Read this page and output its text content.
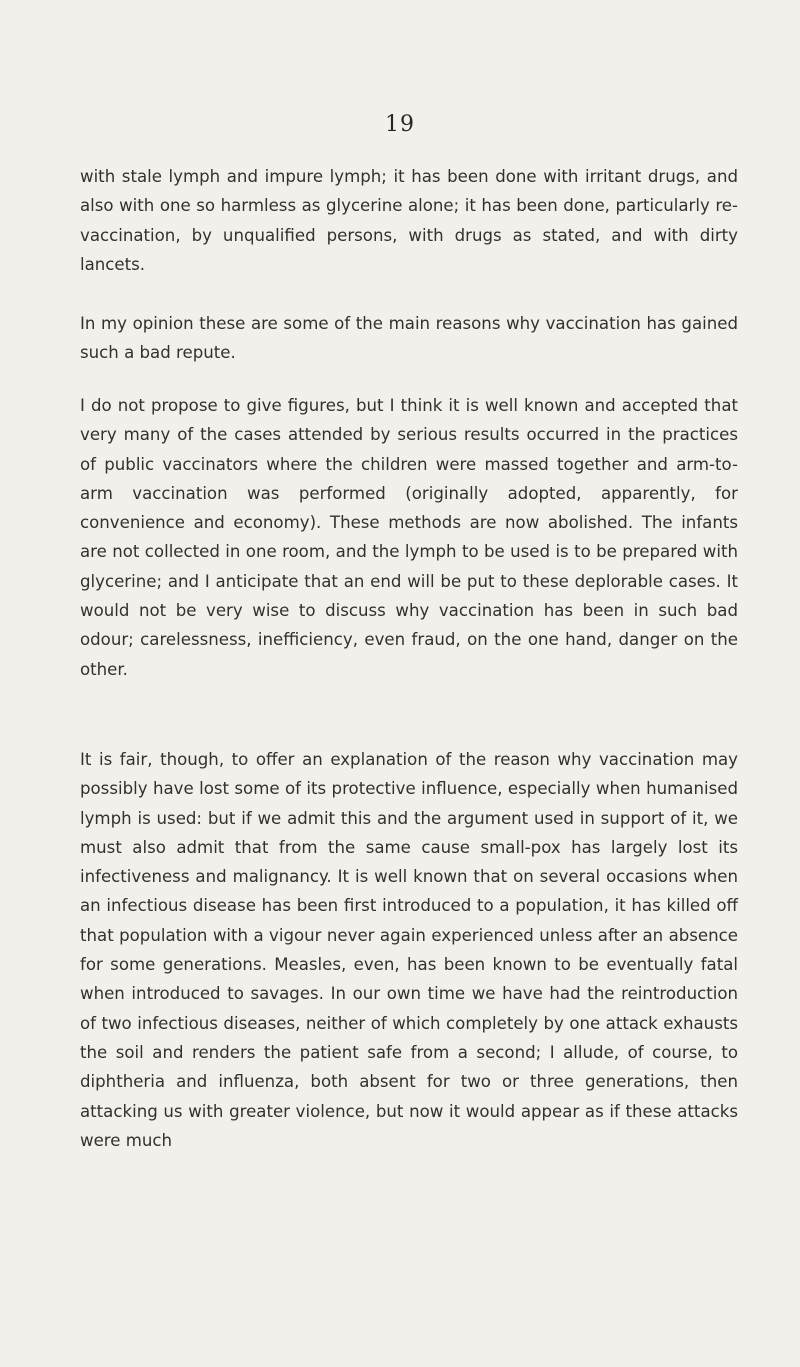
19

with stale lymph and impure lymph; it has been done with irritant drugs, and also with one so harmless as glycerine alone; it has been done, particularly re-vaccination, by unqualified persons, with drugs as stated, and with dirty lancets.

In my opinion these are some of the main reasons why vaccination has gained such a bad repute.

I do not propose to give figures, but I think it is well known and accepted that very many of the cases attended by serious results occurred in the practices of public vaccinators where the children were massed together and arm-to-arm vaccination was performed (originally adopted, apparently, for convenience and economy). These methods are now abolished. The infants are not collected in one room, and the lymph to be used is to be prepared with glycerine; and I anticipate that an end will be put to these deplorable cases. It would not be very wise to discuss why vaccination has been in such bad odour; carelessness, inefficiency, even fraud, on the one hand, danger on the other.

It is fair, though, to offer an explanation of the reason why vaccination may possibly have lost some of its protective influence, especially when humanised lymph is used: but if we admit this and the argument used in support of it, we must also admit that from the same cause small-pox has largely lost its infectiveness and malignancy. It is well known that on several occasions when an infectious disease has been first introduced to a population, it has killed off that population with a vigour never again experienced unless after an absence for some generations. Measles, even, has been known to be eventually fatal when introduced to savages. In our own time we have had the reintroduction of two infectious diseases, neither of which completely by one attack exhausts the soil and renders the patient safe from a second; I allude, of course, to diphtheria and influenza, both absent for two or three generations, then attacking us with greater violence, but now it would appear as if these attacks were much
